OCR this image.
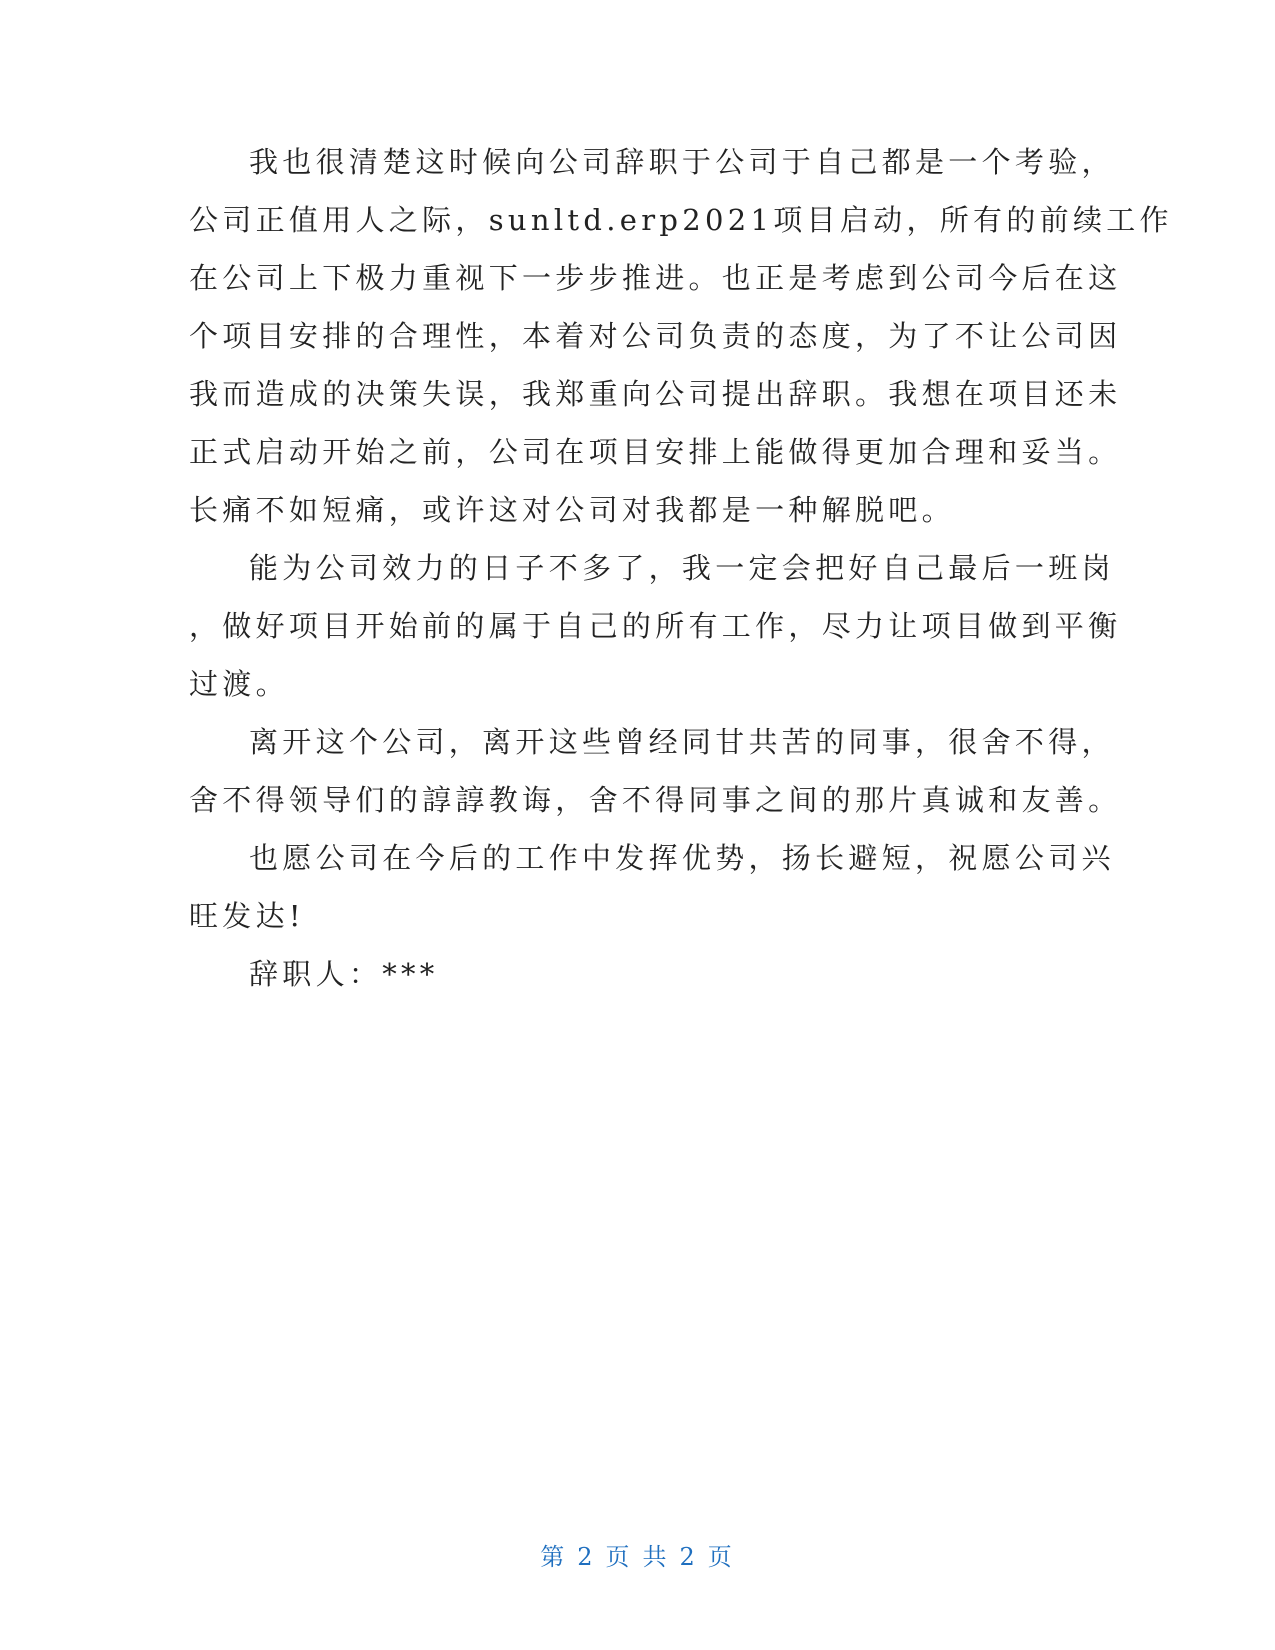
我也很清楚这时候向公司辞职于公司于自己都是一个考验，
公司正值用人之际，sunltd.erp2021项目启动，所有的前续工作
在公司上下极力重视下一步步推进。也正是考虑到公司今后在这
个项目安排的合理性，本着对公司负责的态度，为了不让公司因
我而造成的决策失误，我郑重向公司提出辞职。我想在项目还未
正式启动开始之前，公司在项目安排上能做得更加合理和妥当。
长痛不如短痛，或许这对公司对我都是一种解脱吧。
能为公司效力的日子不多了，我一定会把好自己最后一班岗
，做好项目开始前的属于自己的所有工作，尽力让项目做到平衡
过渡。
离开这个公司，离开这些曾经同甘共苦的同事，很舍不得，
舍不得领导们的諄諄教诲，舍不得同事之间的那片真诚和友善。
也愿公司在今后的工作中发挥优势，扬长避短，祝愿公司兴
旺发达!
辞职人：***
第 2 页 共 2 页
